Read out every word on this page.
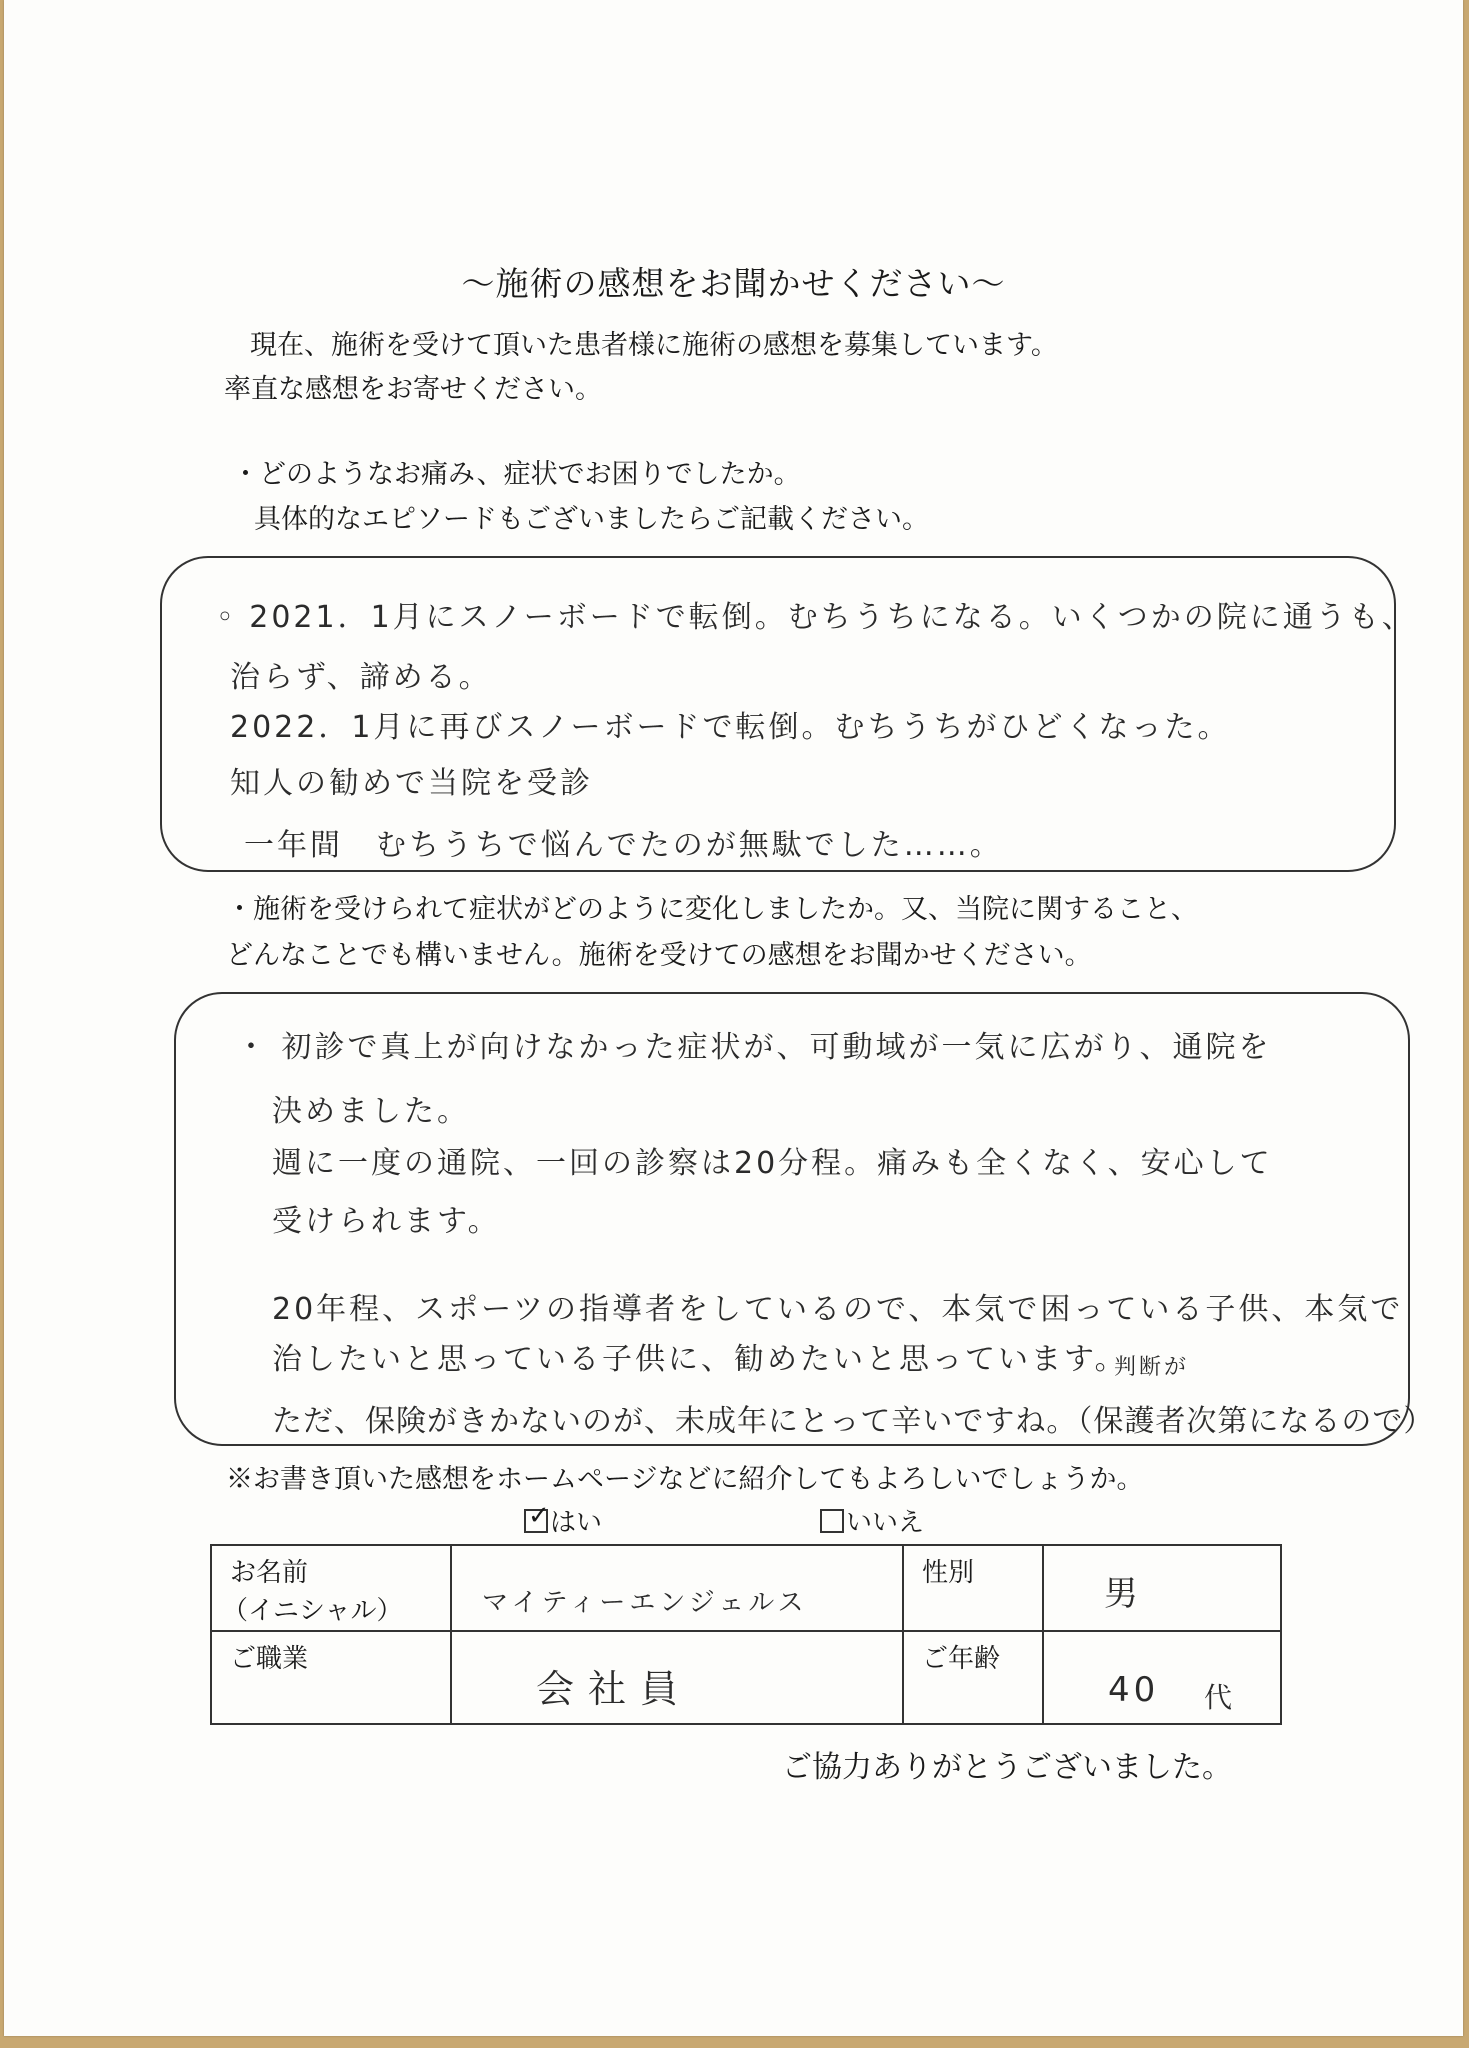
～施術の感想をお聞かせください～
現在、施術を受けて頂いた患者様に施術の感想を募集しています。
率直な感想をお寄せください。
・どのようなお痛み、症状でお困りでしたか。
具体的なエピソードもございましたらご記載ください。
◦ 2021．1月にスノーボードで転倒。むちうちになる。いくつかの院に通うも、
治らず、諦める。
2022．1月に再びスノーボードで転倒。むちうちがひどくなった。
知人の勧めで当院を受診
一年間　むちうちで悩んでたのが無駄でした……。
・施術を受けられて症状がどのように変化しましたか。又、当院に関すること、
どんなことでも構いません。施術を受けての感想をお聞かせください。
・ 初診で真上が向けなかった症状が、可動域が一気に広がり、通院を
決めました。
週に一度の通院、一回の診察は20分程。痛みも全くなく、安心して
受けられます。
20年程、スポーツの指導者をしているので、本気で困っている子供、本気で
治したいと思っている子供に、勧めたいと思っています。
ただ、保険がきかないのが、未成年にとって辛いですね。（保護者次第になるので）
判断が
※お書き頂いた感想をホームページなどに紹介してもよろしいでしょうか。
✓ はい	いいえ
お名前
（イニシャル）	マイティーエンジェルス	性別	男

ご職業	会社員	ご年齢	40 代
ご協力ありがとうございました。
